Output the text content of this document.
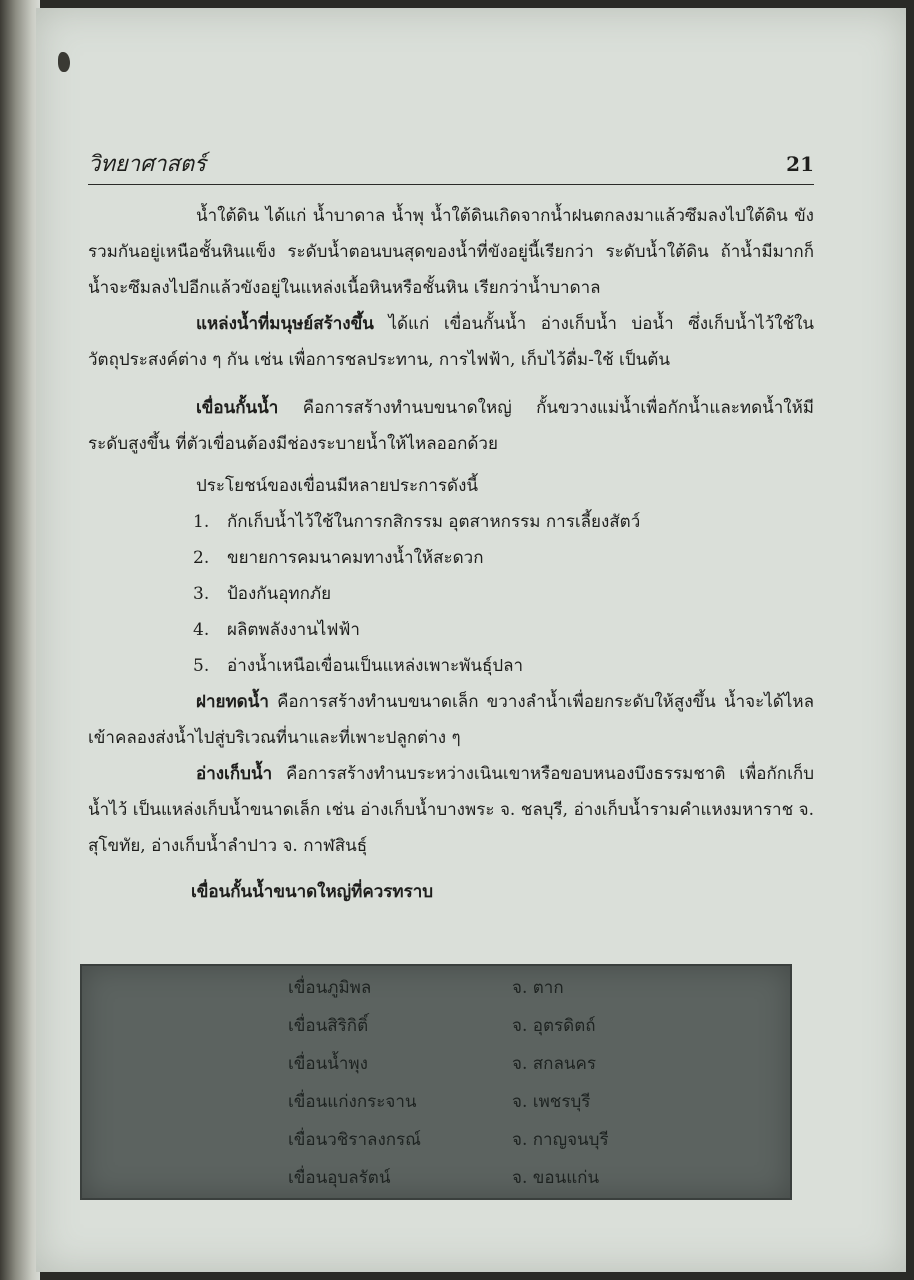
วิทยาศาสตร์	21

น้ำใต้ดิน ได้แก่ น้ำบาดาล น้ำพุ น้ำใต้ดินเกิดจากน้ำฝนตกลงมาแล้วซึมลงไปใต้ดิน ขังรวมกันอยู่เหนือชั้นหินแข็ง ระดับน้ำตอนบนสุดของน้ำที่ขังอยู่นี้เรียกว่า ระดับน้ำใต้ดิน ถ้าน้ำมีมากก็น้ำจะซึมลงไปอีกแล้วขังอยู่ในแหล่งเนื้อหินหรือชั้นหิน เรียกว่าน้ำบาดาล

แหล่งน้ำที่มนุษย์สร้างขึ้น ได้แก่ เขื่อนกั้นน้ำ อ่างเก็บน้ำ บ่อน้ำ ซึ่งเก็บน้ำไว้ใช้ในวัตถุประสงค์ต่าง ๆ กัน เช่น เพื่อการชลประทาน, การไฟฟ้า, เก็บไว้ดื่ม-ใช้ เป็นต้น

เขื่อนกั้นน้ำ คือการสร้างทำนบขนาดใหญ่ กั้นขวางแม่น้ำเพื่อกักน้ำและทดน้ำให้มีระดับสูงขึ้น ที่ตัวเขื่อนต้องมีช่องระบายน้ำให้ไหลออกด้วย

ประโยชน์ของเขื่อนมีหลายประการดังนี้

1.	กักเก็บน้ำไว้ใช้ในการกสิกรรม อุตสาหกรรม การเลี้ยงสัตว์
2.	ขยายการคมนาคมทางน้ำให้สะดวก
3.	ป้องกันอุทกภัย
4.	ผลิตพลังงานไฟฟ้า
5.	อ่างน้ำเหนือเขื่อนเป็นแหล่งเพาะพันธุ์ปลา

ฝายทดน้ำ คือการสร้างทำนบขนาดเล็ก ขวางลำน้ำเพื่อยกระดับให้สูงขึ้น น้ำจะได้ไหลเข้าคลองส่งน้ำไปสู่บริเวณที่นาและที่เพาะปลูกต่าง ๆ

อ่างเก็บน้ำ คือการสร้างทำนบระหว่างเนินเขาหรือขอบหนองบึงธรรมชาติ เพื่อกักเก็บน้ำไว้ เป็นแหล่งเก็บน้ำขนาดเล็ก เช่น อ่างเก็บน้ำบางพระ จ. ชลบุรี, อ่างเก็บน้ำรามคำแหงมหาราช จ. สุโขทัย, อ่างเก็บน้ำลำปาว จ. กาฬสินธุ์

เขื่อนกั้นน้ำขนาดใหญ่ที่ควรทราบ

เขื่อนภูมิพล	จ. ตาก
เขื่อนสิริกิติ์	จ. อุตรดิตถ์
เขื่อนน้ำพุง	จ. สกลนคร
เขื่อนแก่งกระจาน	จ. เพชรบุรี
เขื่อนวชิราลงกรณ์	จ. กาญจนบุรี
เขื่อนอุบลรัตน์	จ. ขอนแก่น
